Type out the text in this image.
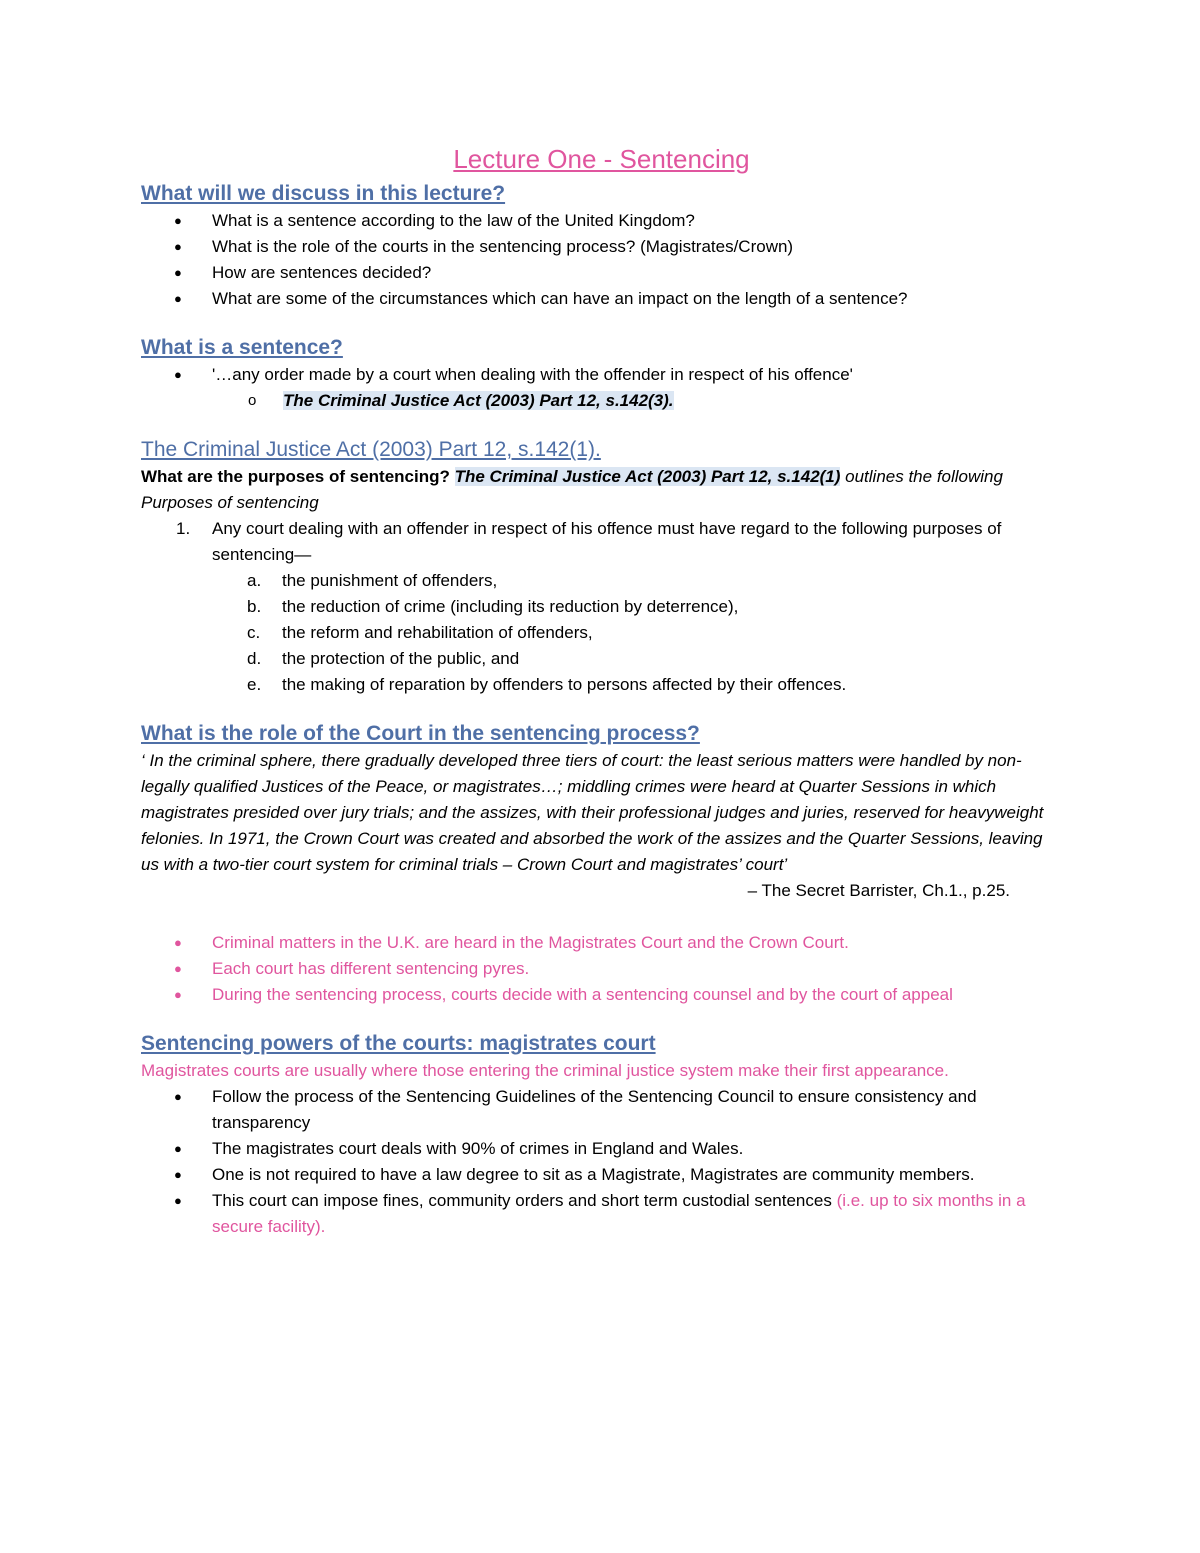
Lecture One - Sentencing
What will we discuss in this lecture?
● What is a sentence according to the law of the United Kingdom?
● What is the role of the courts in the sentencing process? (Magistrates/Crown)
● How are sentences decided?
● What are some of the circumstances which can have an impact on the length of a sentence?
What is a sentence?
● '…any order made by a court when dealing with the offender in respect of his offence'
o The Criminal Justice Act (2003) Part 12, s.142(3).
The Criminal Justice Act (2003) Part 12, s.142(1).
What are the purposes of sentencing? The Criminal Justice Act (2003) Part 12, s.142(1) outlines the following Purposes of sentencing
1. Any court dealing with an offender in respect of his offence must have regard to the following purposes of sentencing—
a. the punishment of offenders,
b. the reduction of crime (including its reduction by deterrence),
c. the reform and rehabilitation of offenders,
d. the protection of the public, and
e. the making of reparation by offenders to persons affected by their offences.
What is the role of the Court in the sentencing process?

‘ In the criminal sphere, there gradually developed three tiers of court: the least serious matters were handled by non-legally qualified Justices of the Peace, or magistrates…; middling crimes were heard at Quarter Sessions in which magistrates presided over jury trials; and the assizes, with their professional judges and juries, reserved for heavyweight felonies. In 1971, the Crown Court was created and absorbed the work of the assizes and the Quarter Sessions, leaving us with a two-tier court system for criminal trials – Crown Court and magistrates’ court’

– The Secret Barrister, Ch.1., p.25.
● Criminal matters in the U.K. are heard in the Magistrates Court and the Crown Court.
● Each court has different sentencing pyres.
● During the sentencing process, courts decide with a sentencing counsel and by the court of appeal
Sentencing powers of the courts: magistrates court
Magistrates courts are usually where those entering the criminal justice system make their first appearance.
● Follow the process of the Sentencing Guidelines of the Sentencing Council to ensure consistency and transparency
● The magistrates court deals with 90% of crimes in England and Wales.
● One is not required to have a law degree to sit as a Magistrate, Magistrates are community members.
● This court can impose fines, community orders and short term custodial sentences (i.e. up to six months in a secure facility).
